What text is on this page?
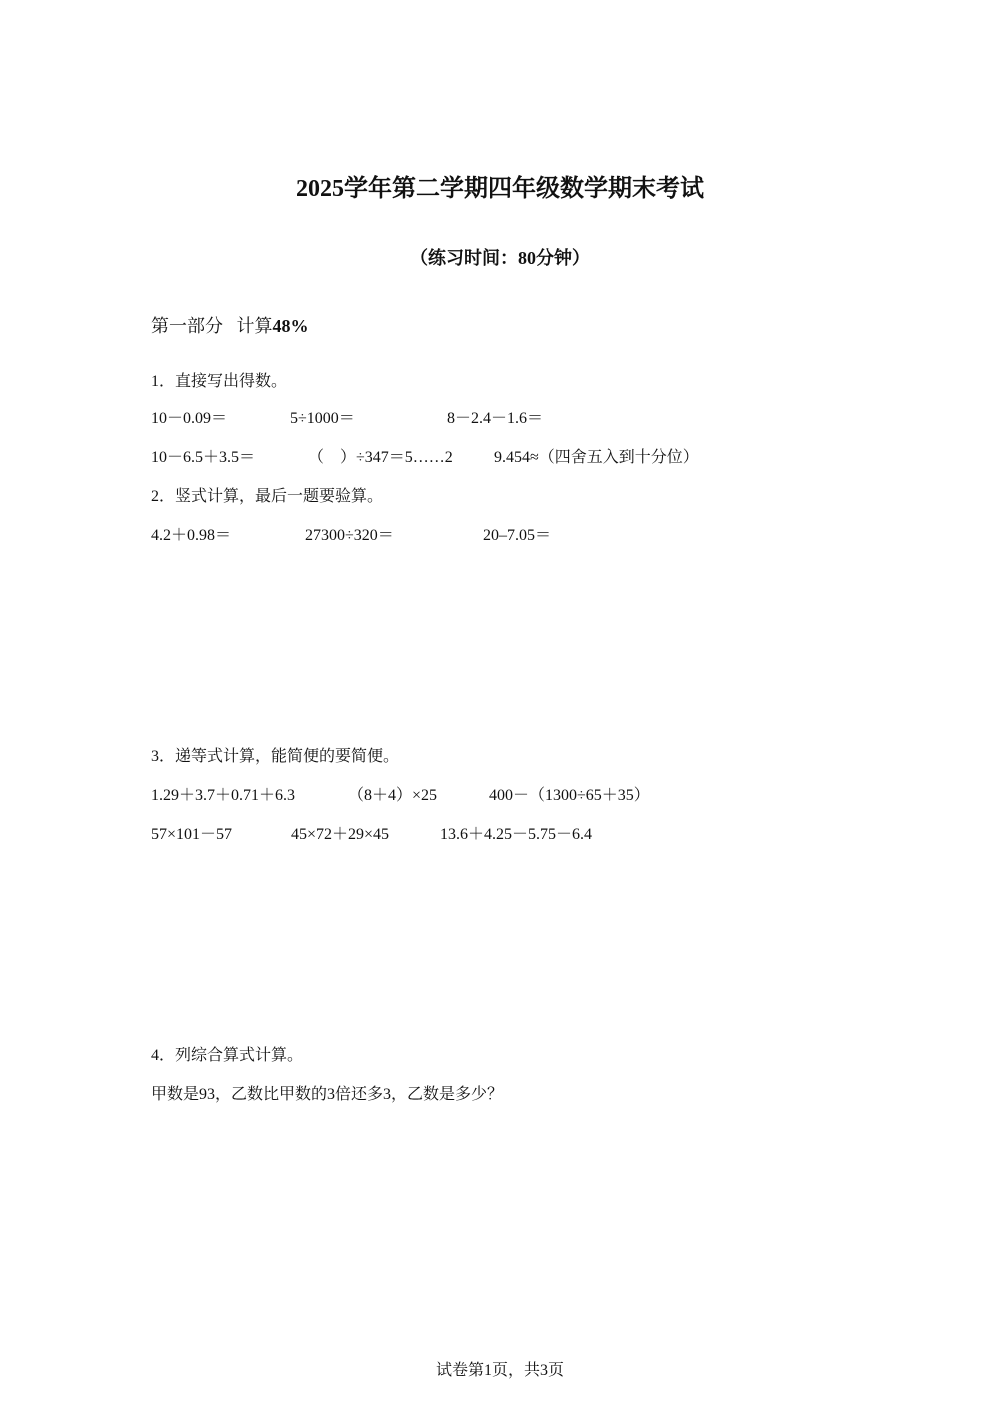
2025学年第二学期四年级数学期末考试
（练习时间：80分钟）
第一部分 计算48%
1．直接写出得数。
10－0.09＝	5÷1000＝	8－2.4－1.6＝
10－6.5＋3.5＝	（　）÷347＝5……2	9.454≈（四舍五入到十分位）
2．竖式计算，最后一题要验算。
4.2＋0.98＝	27300÷320＝	20–7.05＝
3．递等式计算，能简便的要简便。
1.29＋3.7＋0.71＋6.3	（8＋4）×25	400－（1300÷65＋35）
57×101－57	45×72＋29×45	13.6＋4.25－5.75－6.4
4．列综合算式计算。
甲数是93，乙数比甲数的3倍还多3，乙数是多少？
试卷第1页，共3页
